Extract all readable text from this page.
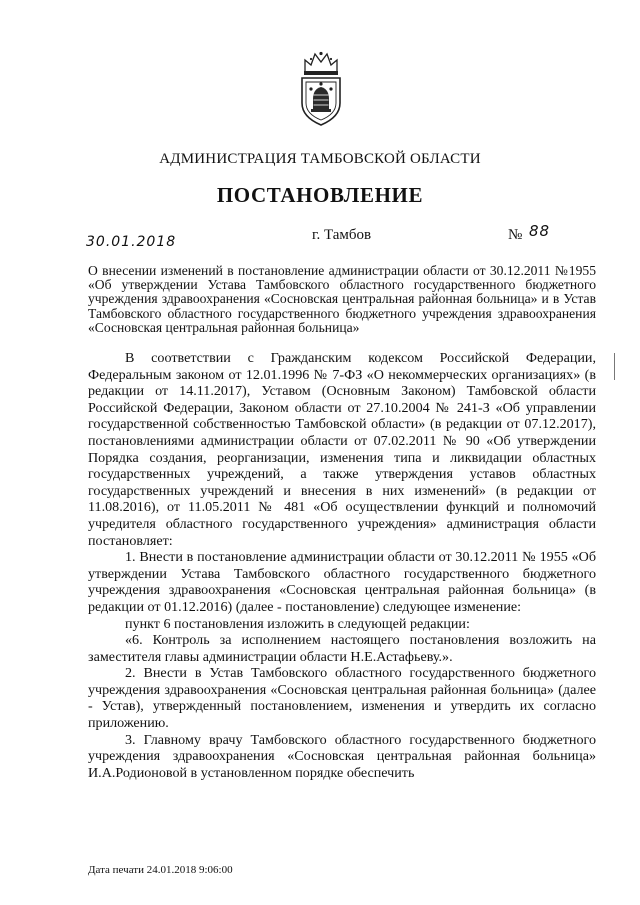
АДМИНИСТРАЦИЯ ТАМБОВСКОЙ ОБЛАСТИ
ПОСТАНОВЛЕНИЕ
30.01.2018	г. Тамбов	№ 88
О внесении изменений в постановление администрации области от 30.12.2011 №1955 «Об утверждении Устава Тамбовского областного государственного бюджетного учреждения здравоохранения «Сосновская центральная районная больница» и в Устав Тамбовского областного государственного бюджетного учреждения здравоохранения «Сосновская центральная районная больница»

В соответствии с Гражданским кодексом Российской Федерации, Федеральным законом от 12.01.1996 № 7-ФЗ «О некоммерческих организациях» (в редакции от 14.11.2017), Уставом (Основным Законом) Тамбовской области Российской Федерации, Законом области от 27.10.2004 № 241-З «Об управлении государственной собственностью Тамбовской области» (в редакции от 07.12.2017), постановлениями администрации области от 07.02.2011 № 90 «Об утверждении Порядка создания, реорганизации, изменения типа и ликвидации областных государственных учреждений, а также утверждения уставов областных государственных учреждений и внесения в них изменений» (в редакции от 11.08.2016), от 11.05.2011 № 481 «Об осуществлении функций и полномочий учредителя областного государственного учреждения» администрация области постановляет:

1. Внести в постановление администрации области от 30.12.2011 № 1955 «Об утверждении Устава Тамбовского областного государственного бюджетного учреждения здравоохранения «Сосновская центральная районная больница» (в редакции от 01.12.2016) (далее - постановление) следующее изменение:

пункт 6 постановления изложить в следующей редакции:

«6. Контроль за исполнением настоящего постановления возложить на заместителя главы администрации области Н.Е.Астафьеву.».

2. Внести в Устав Тамбовского областного государственного бюджетного учреждения здравоохранения «Сосновская центральная районная больница» (далее - Устав), утвержденный постановлением, изменения и утвердить их согласно приложению.

3. Главному врачу Тамбовского областного государственного бюджетного учреждения здравоохранения «Сосновская центральная районная больница» И.А.Родионовой в установленном порядке обеспечить

Дата печати 24.01.2018 9:06:00
